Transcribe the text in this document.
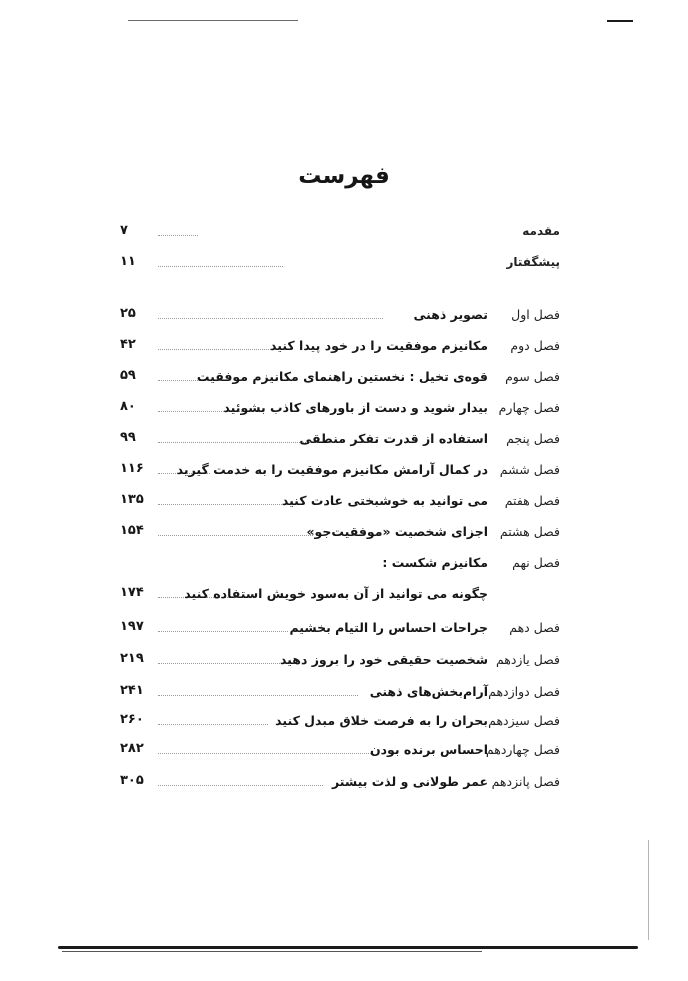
فهرست
مقدمه
۷
پیشگفتار
۱۱
فصل اول
تصویر ذهنی
۲۵
فصل دوم
مکانیزم موفقیت را در خود پیدا کنید
۴۲
فصل سوم
قوه‌ی تخیل : نخستین راهنمای مکانیزم موفقیت
۵۹
فصل چهارم
بیدار شوید و دست از باورهای کاذب بشوئید
۸۰
فصل پنجم
استفاده از قدرت تفکر منطقی
۹۹
فصل ششم
در کمال آرامش مکانیزم موفقیت را به خدمت گیرید
۱۱۶
فصل هفتم
می توانید به خوشبختی عادت کنید
۱۳۵
فصل هشتم
اجزای شخصیت «موفقیت‌جو»
۱۵۴
فصل نهم
مکانیزم شکست :
چگونه می توانید از آن به‌سود خویش استفاده کنید
۱۷۴
فصل دهم
جراحات احساس را التیام بخشیم
۱۹۷
فصل یازدهم
شخصیت حقیقی خود را بروز دهید
۲۱۹
فصل دوازدهم
آرام‌بخش‌های ذهنی
۲۴۱
فصل سیزدهم
بحران را به فرصت خلاق مبدل کنید
۲۶۰
فصل چهاردهم
احساس برنده بودن
۲۸۲
فصل پانزدهم
عمر طولانی و لذت بیشتر
۳۰۵
